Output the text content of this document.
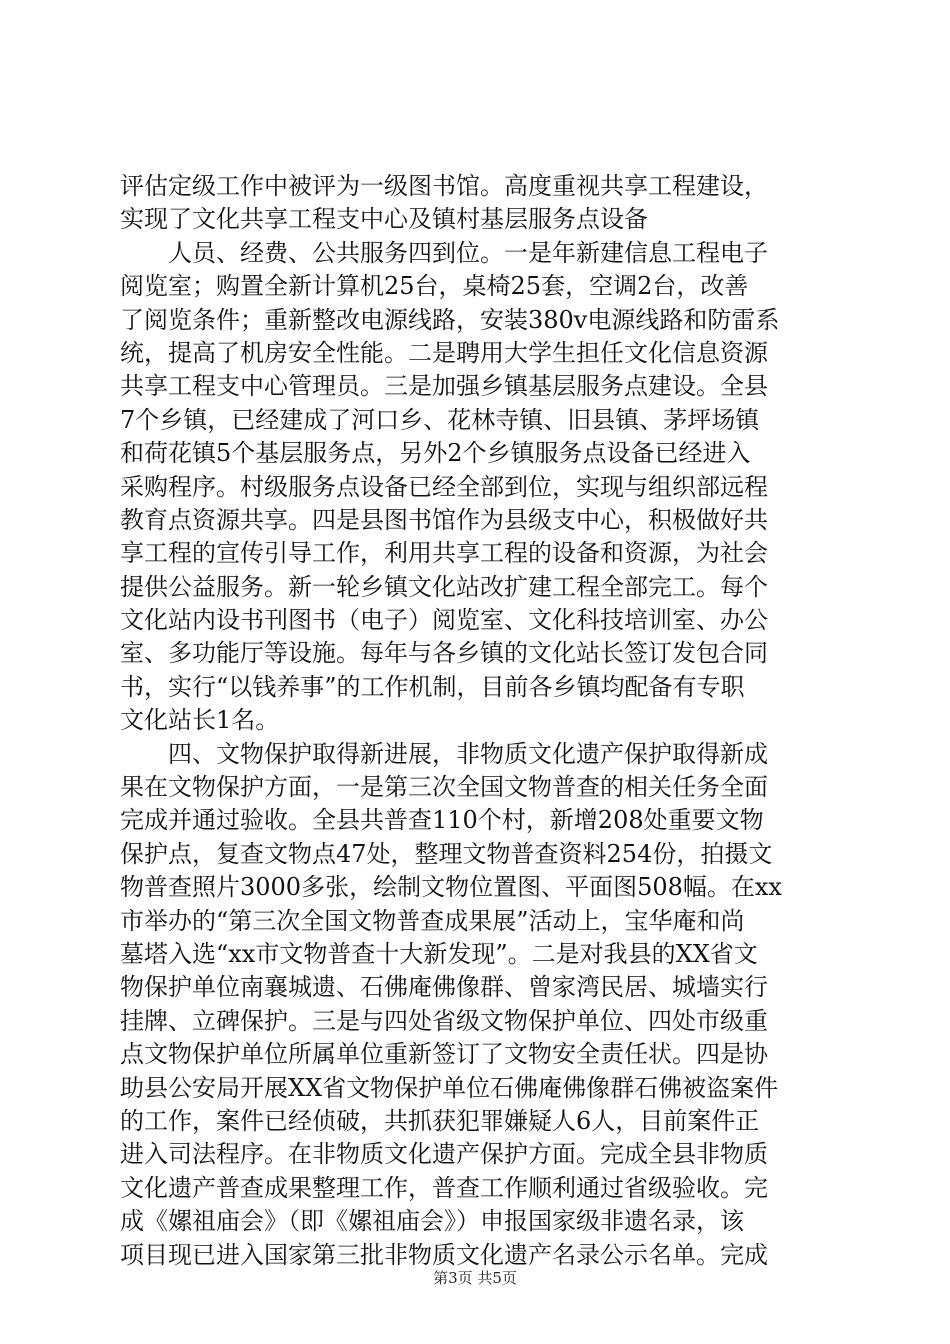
评估定级工作中被评为一级图书馆。高度重视共享工程建设，
实现了文化共享工程支中心及镇村基层服务点设备
人员、经费、公共服务四到位。一是年新建信息工程电子
阅览室；购置全新计算机25台，桌椅25套，空调2台，改善
了阅览条件；重新整改电源线路，安装380v电源线路和防雷系
统，提高了机房安全性能。二是聘用大学生担任文化信息资源
共享工程支中心管理员。三是加强乡镇基层服务点建设。全县
7个乡镇，已经建成了河口乡、花林寺镇、旧县镇、茅坪场镇
和荷花镇5个基层服务点，另外2个乡镇服务点设备已经进入
采购程序。村级服务点设备已经全部到位，实现与组织部远程
教育点资源共享。四是县图书馆作为县级支中心，积极做好共
享工程的宣传引导工作，利用共享工程的设备和资源，为社会
提供公益服务。新一轮乡镇文化站改扩建工程全部完工。每个
文化站内设书刊图书（电子）阅览室、文化科技培训室、办公
室、多功能厅等设施。每年与各乡镇的文化站长签订发包合同
书，实行“以钱养事”的工作机制，目前各乡镇均配备有专职
文化站长1名。
四、文物保护取得新进展，非物质文化遗产保护取得新成
果在文物保护方面，一是第三次全国文物普查的相关任务全面
完成并通过验收。全县共普查110个村，新增208处重要文物
保护点，复查文物点47处，整理文物普查资料254份，拍摄文
物普查照片3000多张，绘制文物位置图、平面图508幅。在xx
市举办的“第三次全国文物普查成果展”活动上，宝华庵和尚
墓塔入选“xx市文物普查十大新发现”。二是对我县的XX省文
物保护单位南襄城遗、石佛庵佛像群、曾家湾民居、城墙实行
挂牌、立碑保护。三是与四处省级文物保护单位、四处市级重
点文物保护单位所属单位重新签订了文物安全责任状。四是协
助县公安局开展XX省文物保护单位石佛庵佛像群石佛被盗案件
的工作，案件已经侦破，共抓获犯罪嫌疑人6人，目前案件正
进入司法程序。在非物质文化遗产保护方面。完成全县非物质
文化遗产普查成果整理工作，普查工作顺利通过省级验收。完
成《嫘祖庙会》（即《嫘祖庙会》）申报国家级非遗名录，该
项目现已进入国家第三批非物质文化遗产名录公示名单。完成
第3页 共5页
